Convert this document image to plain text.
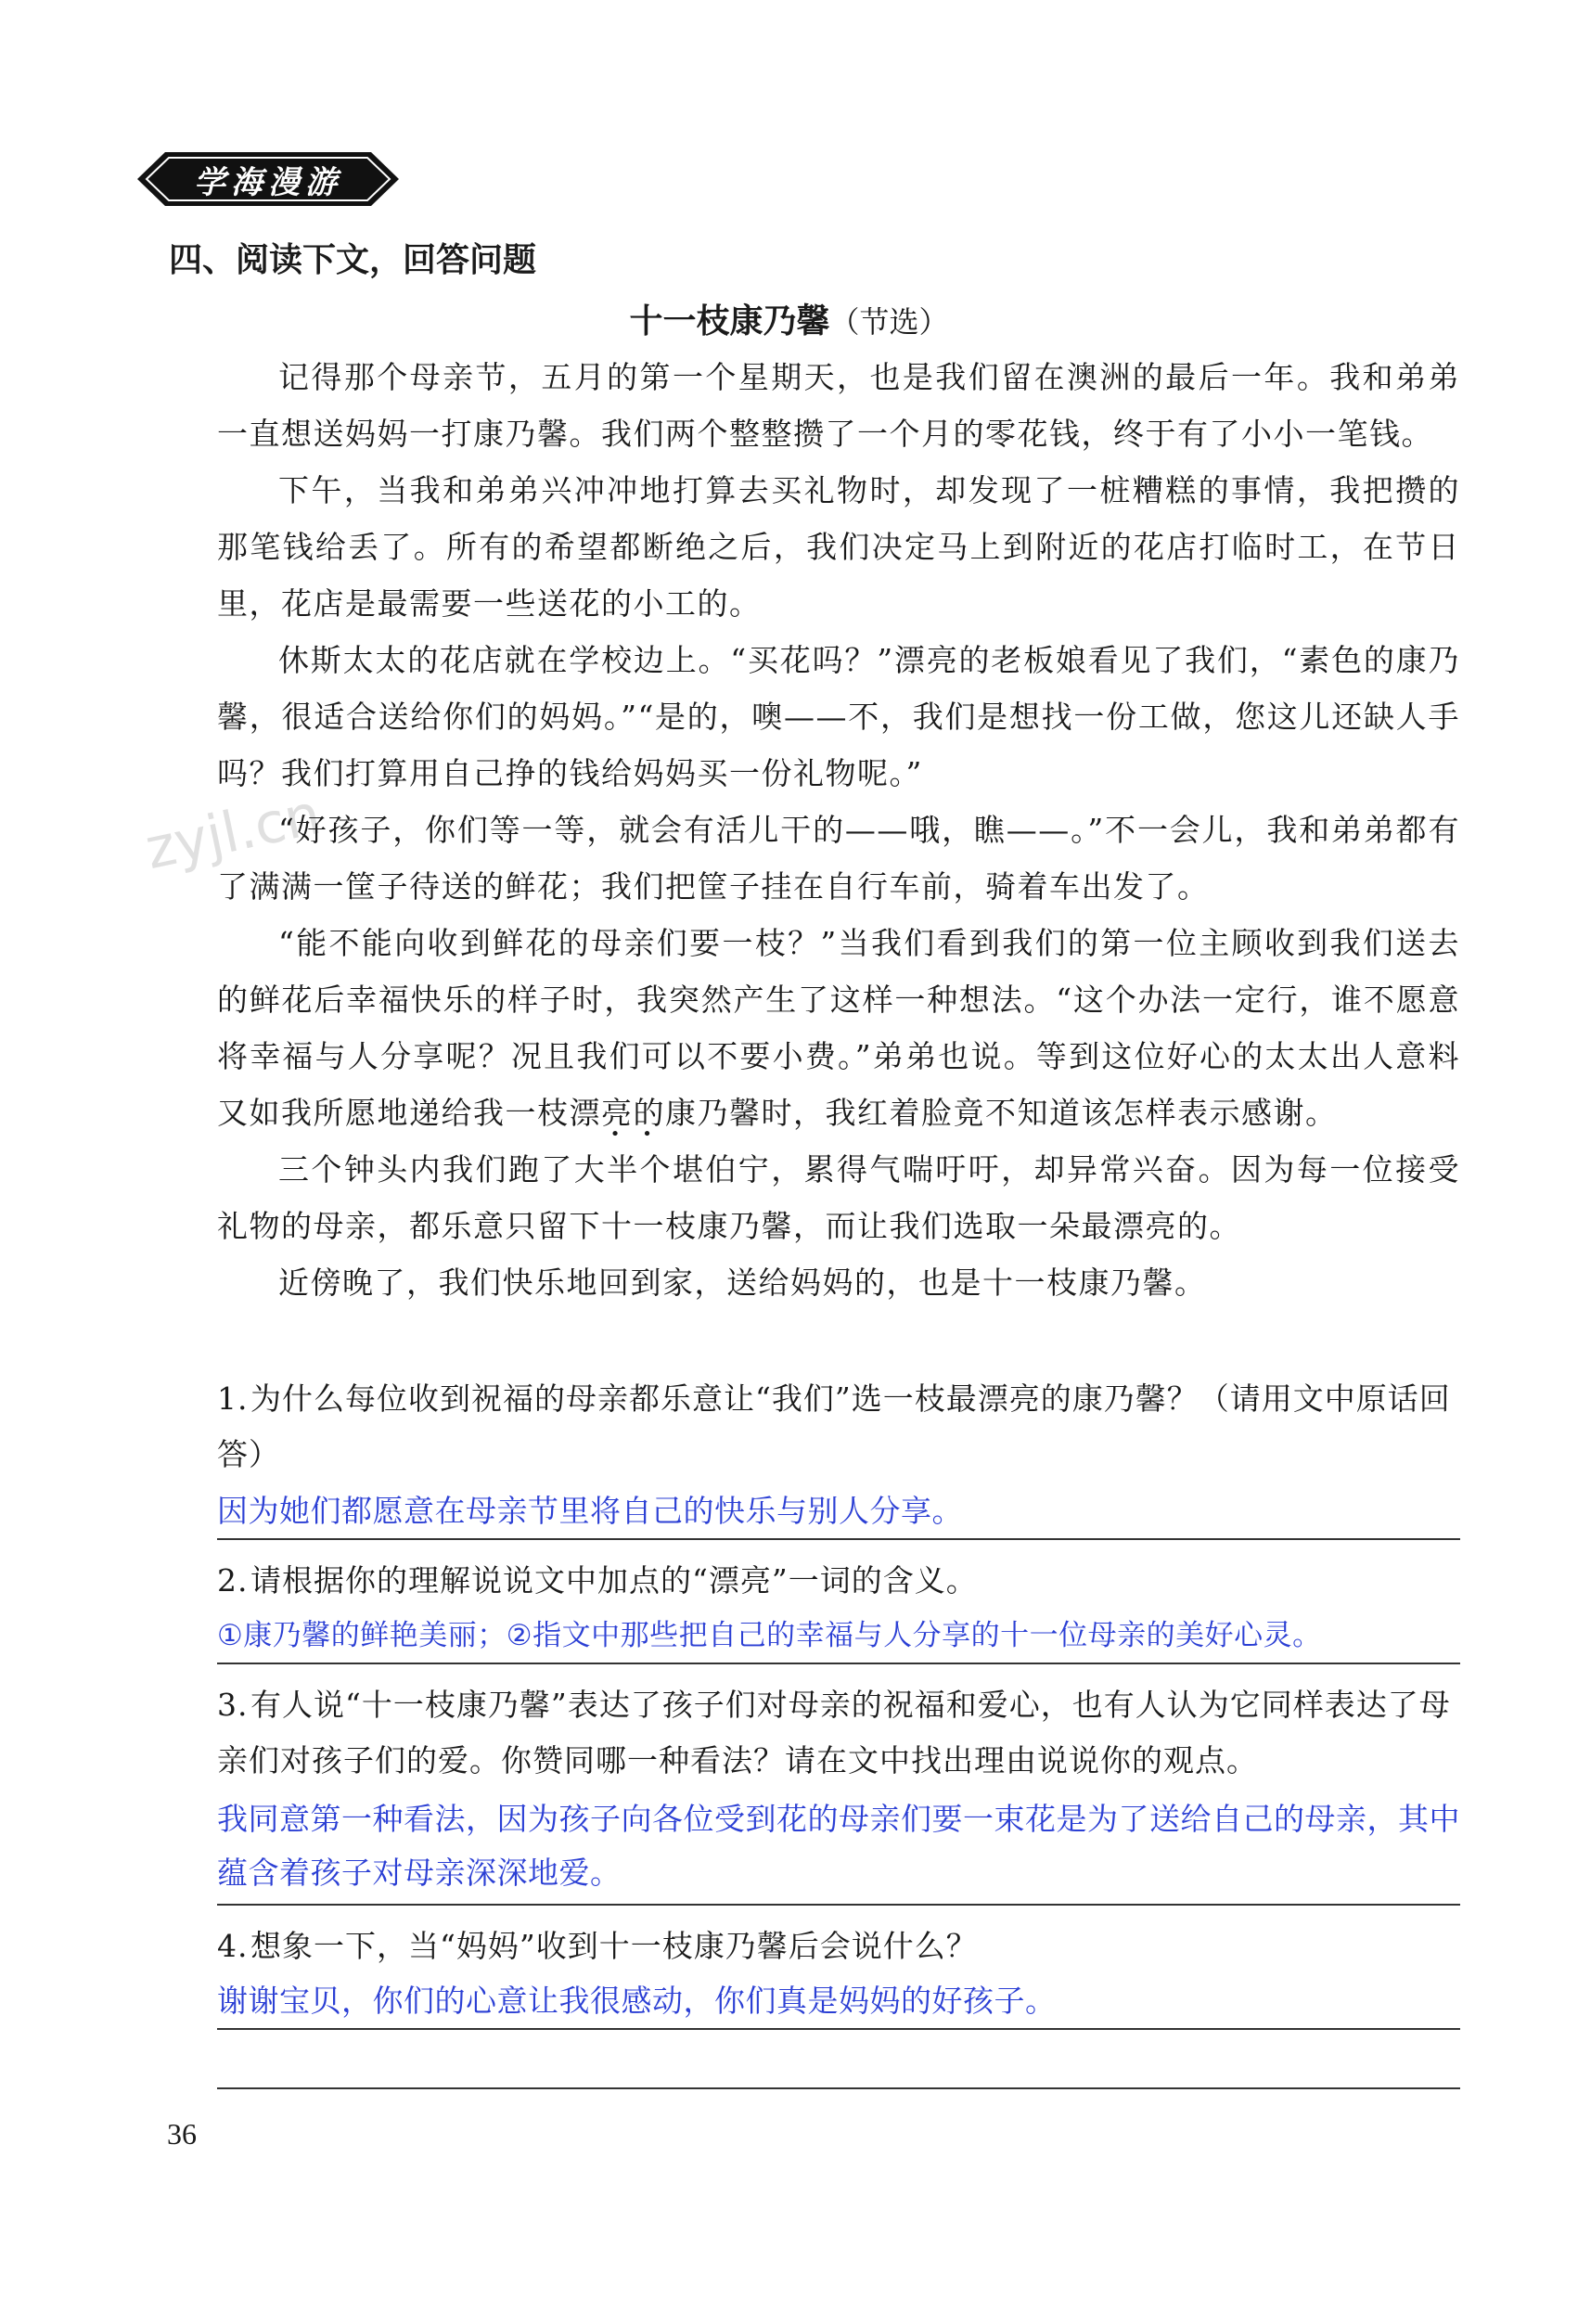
zyjl.cn
学海漫游
四、阅读下文，回答问题
十一枝康乃馨（节选）

记得那个母亲节，五月的第一个星期天，也是我们留在澳洲的最后一年。我和弟弟一直想送妈妈一打康乃馨。我们两个整整攒了一个月的零花钱，终于有了小小一笔钱。

下午，当我和弟弟兴冲冲地打算去买礼物时，却发现了一桩糟糕的事情，我把攒的那笔钱给丢了。所有的希望都断绝之后，我们决定马上到附近的花店打临时工，在节日里，花店是最需要一些送花的小工的。

休斯太太的花店就在学校边上。“买花吗？”漂亮的老板娘看见了我们，“素色的康乃馨，很适合送给你们的妈妈。”“是的，噢——不，我们是想找一份工做，您这儿还缺人手吗？我们打算用自己挣的钱给妈妈买一份礼物呢。”

“好孩子，你们等一等，就会有活儿干的——哦，瞧——。”不一会儿，我和弟弟都有了满满一筐子待送的鲜花；我们把筐子挂在自行车前，骑着车出发了。

“能不能向收到鲜花的母亲们要一枝？”当我们看到我们的第一位主顾收到我们送去的鲜花后幸福快乐的样子时，我突然产生了这样一种想法。“这个办法一定行，谁不愿意将幸福与人分享呢？况且我们可以不要小费。”弟弟也说。等到这位好心的太太出人意料又如我所愿地递给我一枝漂亮的康乃馨时，我红着脸竟不知道该怎样表示感谢。

三个钟头内我们跑了大半个堪伯宁，累得气喘吁吁，却异常兴奋。因为每一位接受礼物的母亲，都乐意只留下十一枝康乃馨，而让我们选取一朵最漂亮的。

近傍晚了，我们快乐地回到家，送给妈妈的，也是十一枝康乃馨。

1.为什么每位收到祝福的母亲都乐意让“我们”选一枝最漂亮的康乃馨？（请用文中原话回答）
因为她们都愿意在母亲节里将自己的快乐与别人分享。
2.请根据你的理解说说文中加点的“漂亮”一词的含义。
①康乃馨的鲜艳美丽；②指文中那些把自己的幸福与人分享的十一位母亲的美好心灵。
3.有人说“十一枝康乃馨”表达了孩子们对母亲的祝福和爱心，也有人认为它同样表达了母亲们对孩子们的爱。你赞同哪一种看法？请在文中找出理由说说你的观点。
我同意第一种看法，因为孩子向各位受到花的母亲们要一束花是为了送给自己的母亲，其中蕴含着孩子对母亲深深地爱。
4.想象一下，当“妈妈”收到十一枝康乃馨后会说什么？
谢谢宝贝，你们的心意让我很感动，你们真是妈妈的好孩子。
36
